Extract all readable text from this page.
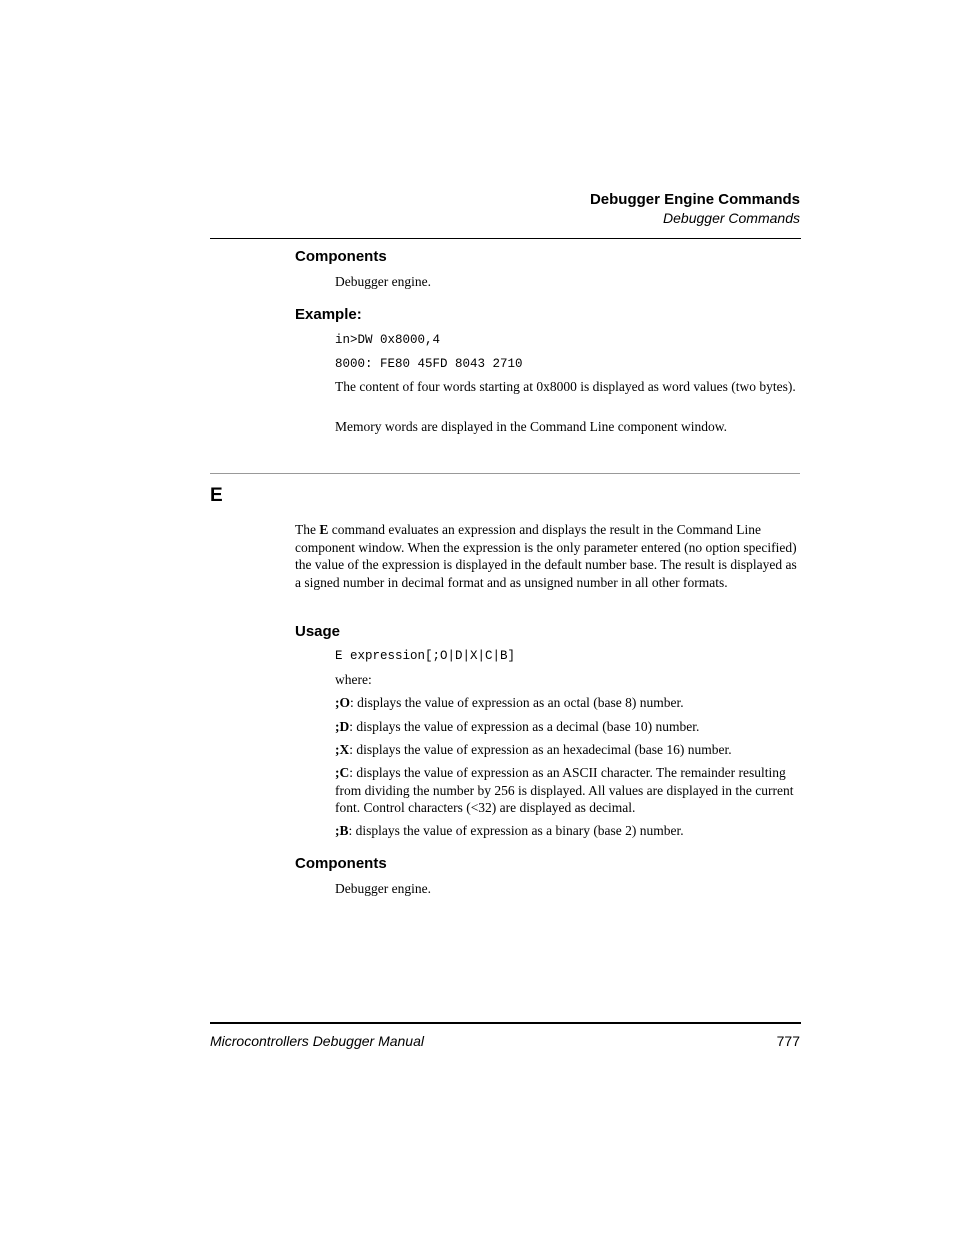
Debugger Engine Commands
Debugger Commands
Components
Debugger engine.
Example:
in>DW 0x8000,4
8000: FE80 45FD 8043 2710
The content of four words starting at 0x8000 is displayed as word values (two bytes).
Memory words are displayed in the Command Line component window.
E
The E command evaluates an expression and displays the result in the Command Line component window. When the expression is the only parameter entered (no option specified) the value of the expression is displayed in the default number base. The result is displayed as a signed number in decimal format and as unsigned number in all other formats.
Usage
E expression[;O|D|X|C|B]
where:
;O: displays the value of expression as an octal (base 8) number.
;D: displays the value of expression as a decimal (base 10) number.
;X: displays the value of expression as an hexadecimal (base 16) number.
;C: displays the value of expression as an ASCII character. The remainder resulting from dividing the number by 256 is displayed. All values are displayed in the current font. Control characters (<32) are displayed as decimal.
;B: displays the value of expression as a binary (base 2) number.
Components
Debugger engine.
Microcontrollers Debugger Manual	777
